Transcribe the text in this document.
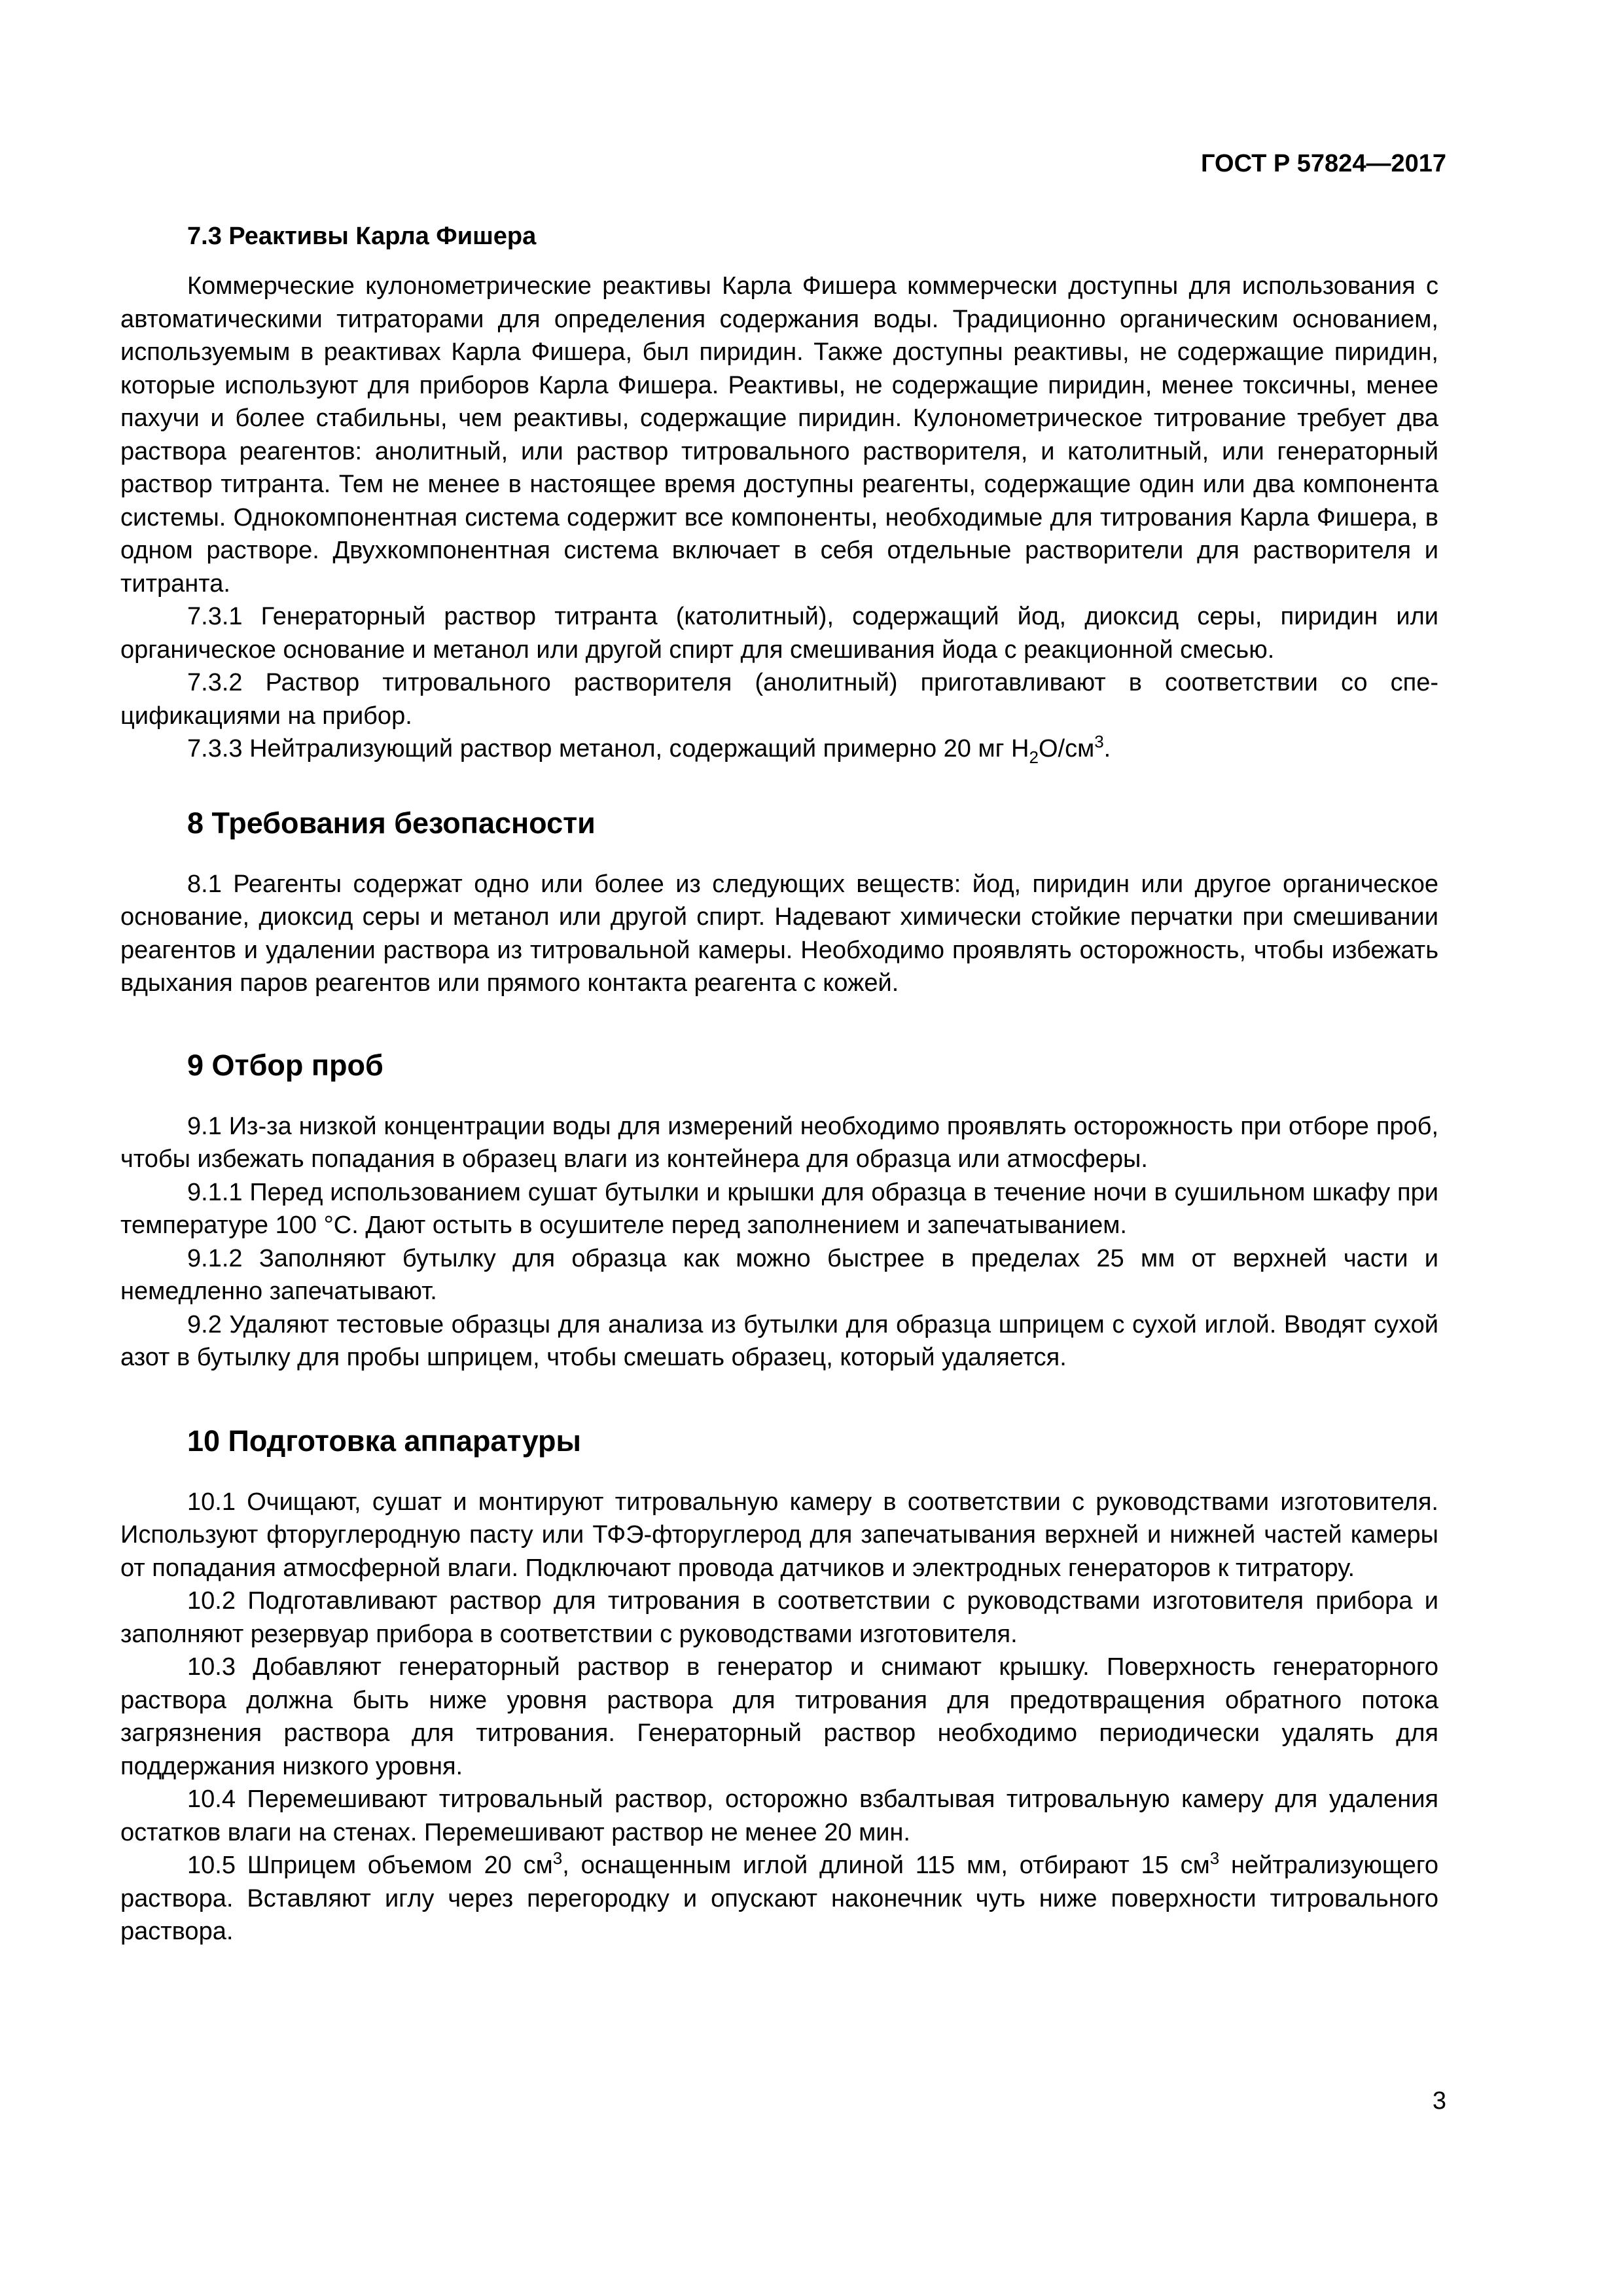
ГОСТ Р 57824—2017
7.3 Реактивы Карла Фишера

Коммерческие кулонометрические реактивы Карла Фишера коммерчески доступны для использования с автоматическими титраторами для определения содержания воды. Традиционно органическим основанием, используемым в реактивах Карла Фишера, был пиридин. Также доступны реактивы, не содержащие пиридин, которые используют для приборов Карла Фишера. Реактивы, не содержащие пиридин, менее токсичны, менее пахучи и более стабильны, чем реактивы, содержащие пиридин. Кулонометрическое титрование требует два раствора реагентов: анолитный, или раствор титровального растворителя, и католитный, или генераторный раствор титранта. Тем не менее в настоящее время доступны реагенты, содержащие один или два компонента системы. Однокомпонентная система содержит все компоненты, необходимые для титрования Карла Фишера, в одном растворе. Двухкомпонентная система включает в себя отдельные растворители для растворителя и титранта.

7.3.1 Генераторный раствор титранта (католитный), содержащий йод, диоксид серы, пиридин или органическое основание и метанол или другой спирт для смешивания йода с реакционной смесью.

7.3.2 Раствор титровального растворителя (анолитный) приготавливают в соответствии со спецификациями на прибор.

7.3.3 Нейтрализующий раствор метанол, содержащий примерно 20 мг $H_2O/см^3$.

8 Требования безопасности

8.1 Реагенты содержат одно или более из следующих веществ: йод, пиридин или другое органическое основание, диоксид серы и метанол или другой спирт. Надевают химически стойкие перчатки при смешивании реагентов и удалении раствора из титровальной камеры. Необходимо проявлять осторожность, чтобы избежать вдыхания паров реагентов или прямого контакта реагента с кожей.

9 Отбор проб

9.1 Из-за низкой концентрации воды для измерений необходимо проявлять осторожность при отборе проб, чтобы избежать попадания в образец влаги из контейнера для образца или атмосферы.

9.1.1 Перед использованием сушат бутылки и крышки для образца в течение ночи в сушильном шкафу при температуре 100 °С. Дают остыть в осушителе перед заполнением и запечатыванием.

9.1.2 Заполняют бутылку для образца как можно быстрее в пределах 25 мм от верхней части и немедленно запечатывают.

9.2 Удаляют тестовые образцы для анализа из бутылки для образца шприцем с сухой иглой. Вводят сухой азот в бутылку для пробы шприцем, чтобы смешать образец, который удаляется.

10 Подготовка аппаратуры

10.1 Очищают, сушат и монтируют титровальную камеру в соответствии с руководствами изготовителя. Используют фторуглеродную пасту или ТФЭ-фторуглерод для запечатывания верхней и нижней частей камеры от попадания атмосферной влаги. Подключают провода датчиков и электродных генераторов к титратору.

10.2 Подготавливают раствор для титрования в соответствии с руководствами изготовителя прибора и заполняют резервуар прибора в соответствии с руководствами изготовителя.

10.3 Добавляют генераторный раствор в генератор и снимают крышку. Поверхность генераторного раствора должна быть ниже уровня раствора для титрования для предотвращения обратного потока загрязнения раствора для титрования. Генераторный раствор необходимо периодически удалять для поддержания низкого уровня.

10.4 Перемешивают титровальный раствор, осторожно взбалтывая титровальную камеру для удаления остатков влаги на стенах. Перемешивают раствор не менее 20 мин.

10.5 Шприцем объемом 20 $см^3$, оснащенным иглой длиной 115 мм, отбирают 15 $см^3$ нейтрализующего раствора. Вставляют иглу через перегородку и опускают наконечник чуть ниже поверхности титровального раствора.

3
